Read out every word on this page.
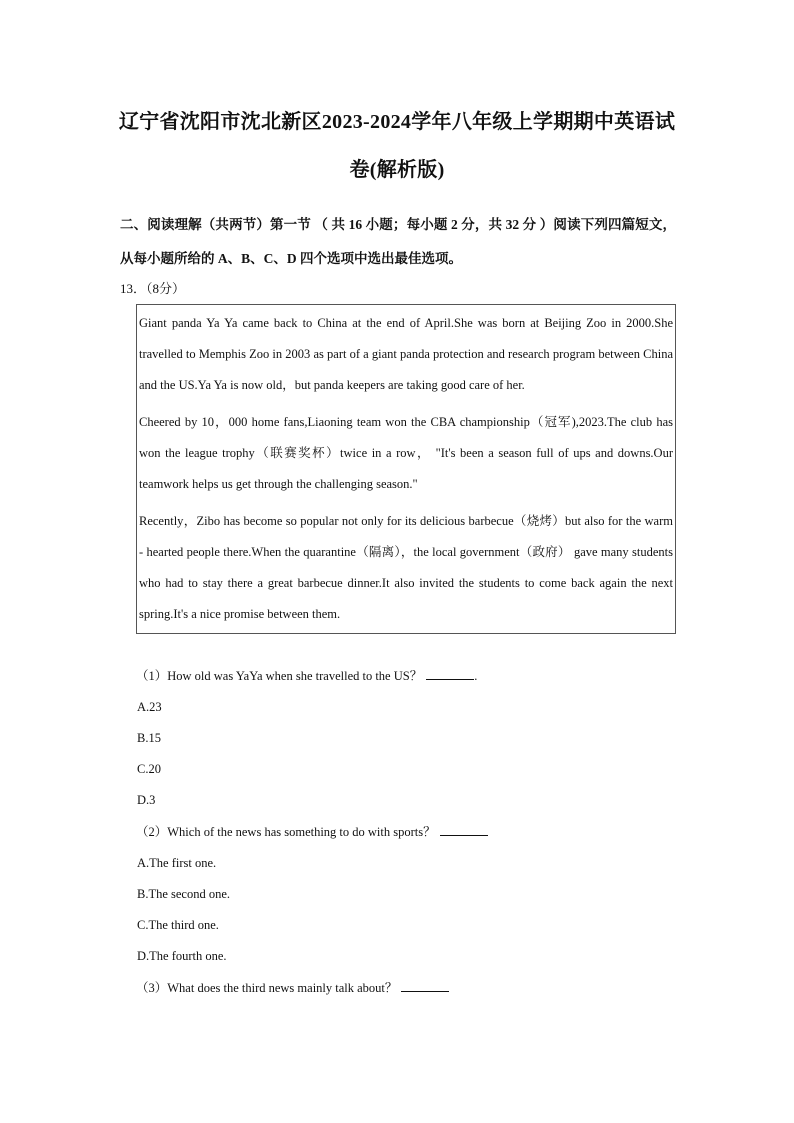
辽宁省沈阳市沈北新区2023-2024学年八年级上学期期中英语试
卷(解析版)
二、阅读理解（共两节）第一节 （ 共 16 小题；每小题 2 分，共 32 分 ）阅读下列四篇短文，从每小题所给的 A、B、C、D 四个选项中选出最佳选项。
13．（8分）
Giant panda Ya Ya came back to China at the end of April.She was born at Beijing Zoo in 2000.She travelled to Memphis Zoo in 2003 as part of a giant panda protection and research program between China and the US.Ya Ya is now old，but panda keepers are taking good care of her.
Cheered by 10，000 home fans,Liaoning team won the CBA championship（冠军),2023.The club has won the league trophy（联赛奖杯）twice in a row， "It's been a season full of ups and downs.Our teamwork helps us get through the challenging season."
Recently，Zibo has become so popular not only for its delicious barbecue（烧烤）but also for the warm - hearted people there.When the quarantine（隔离），the local government（政府） gave many students who had to stay there a great barbecue dinner.It also invited the students to come back again the next spring.It's a nice promise between them.
（1）How old was YaYa when she travelled to the US？	.
A.23
B.15
C.20
D.3
（2）Which of the news has something to do with sports？
A.The first one.
B.The second one.
C.The third one.
D.The fourth one.
（3）What does the third news mainly talk about？
